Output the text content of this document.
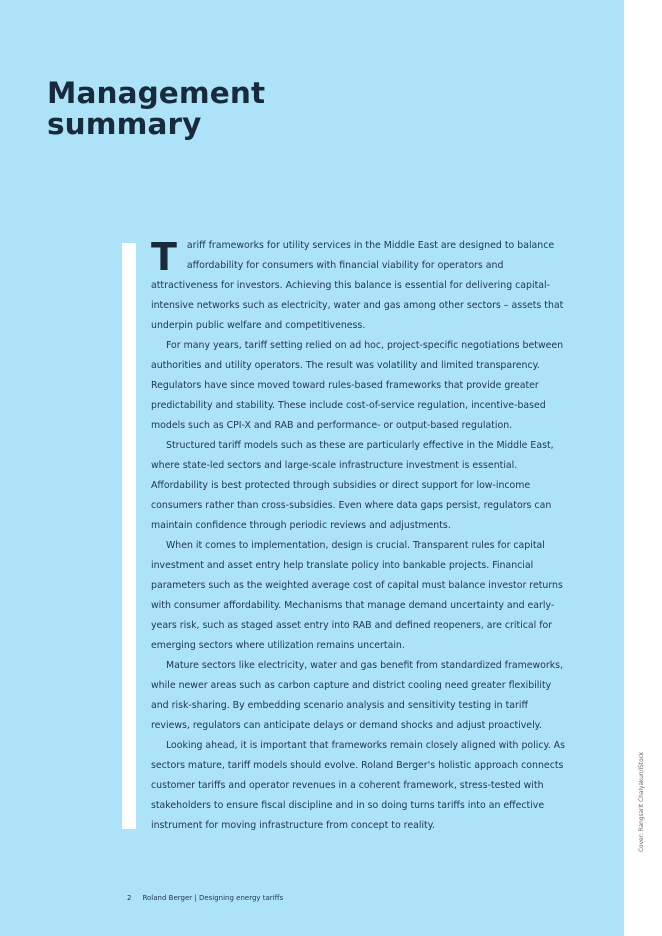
Management
summary

T ariff frameworks for utility services in the Middle East are designed to balance affordability for consumers with financial viability for operators and attractiveness for investors. Achieving this balance is essential for delivering capital-intensive networks such as electricity, water and gas among other sectors – assets that underpin public welfare and competitiveness.

For many years, tariff setting relied on ad hoc, project-specific negotiations between authorities and utility operators. The result was volatility and limited transparency. Regulators have since moved toward rules-based frameworks that provide greater predictability and stability. These include cost-of-service regulation, incentive-based models such as CPI-X and RAB and performance- or output-based regulation.

Structured tariff models such as these are particularly effective in the Middle East, where state-led sectors and large-scale infrastructure investment is essential. Affordability is best protected through subsidies or direct support for low-income consumers rather than cross-subsidies. Even where data gaps persist, regulators can maintain confidence through periodic reviews and adjustments.

When it comes to implementation, design is crucial. Transparent rules for capital investment and asset entry help translate policy into bankable projects. Financial parameters such as the weighted average cost of capital must balance investor returns with consumer affordability. Mechanisms that manage demand uncertainty and early-years risk, such as staged asset entry into RAB and defined reopeners, are critical for emerging sectors where utilization remains uncertain.

Mature sectors like electricity, water and gas benefit from standardized frameworks, while newer areas such as carbon capture and district cooling need greater flexibility and risk-sharing. By embedding scenario analysis and sensitivity testing in tariff reviews, regulators can anticipate delays or demand shocks and adjust proactively.

Looking ahead, it is important that frameworks remain closely aligned with policy. As sectors mature, tariff models should evolve. Roland Berger's holistic approach connects customer tariffs and operator revenues in a coherent framework, stress-tested with stakeholders to ensure fiscal discipline and in so doing turns tariffs into an effective instrument for moving infrastructure from concept to reality.

2 Roland Berger | Designing energy tariffs
Cover: Rangsarit Chalyakun/iStock
